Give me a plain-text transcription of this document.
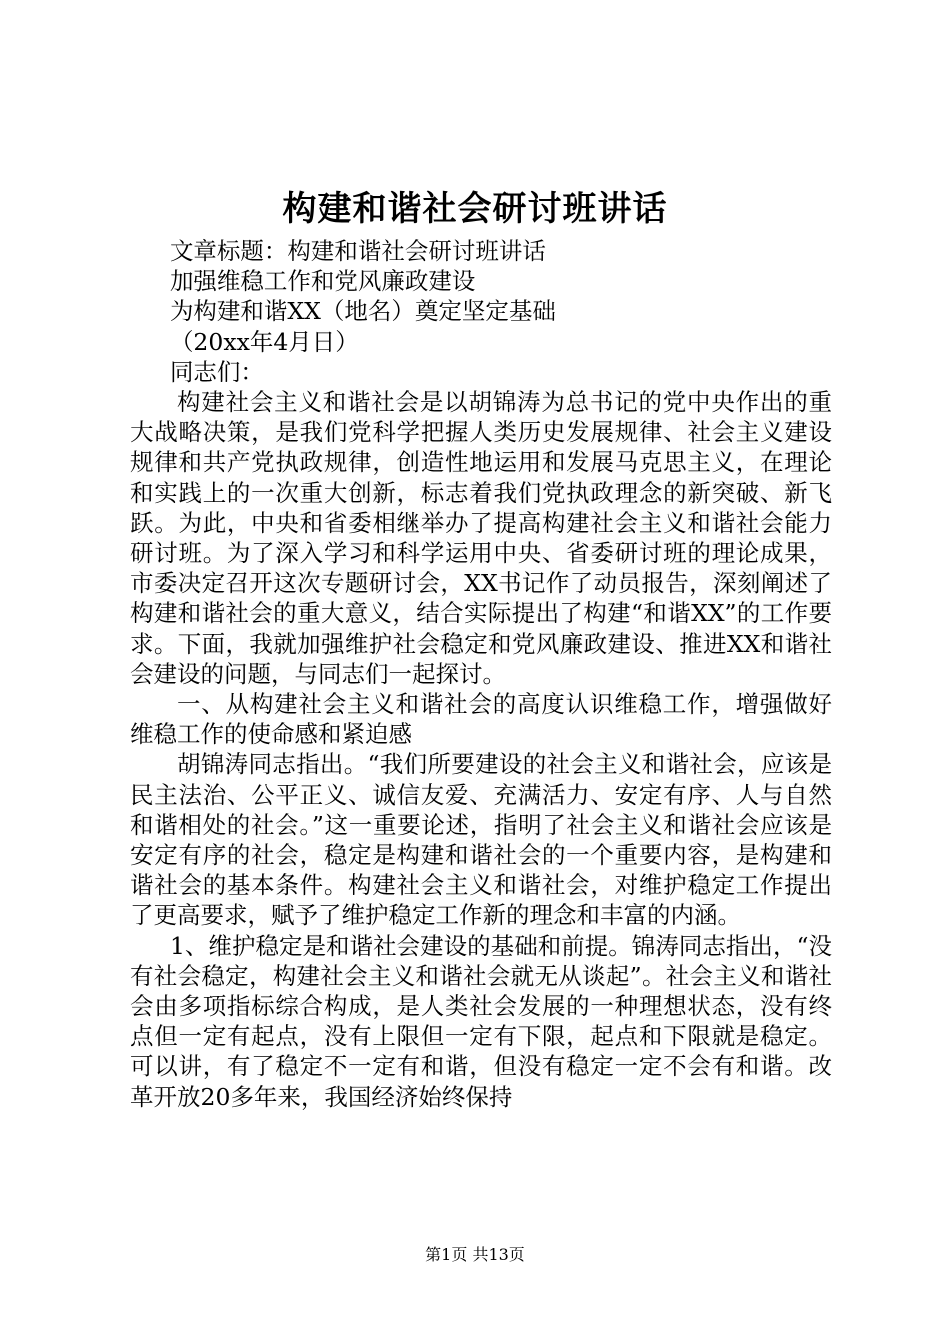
构建和谐社会研讨班讲话

文章标题：构建和谐社会研讨班讲话

加强维稳工作和党风廉政建设

为构建和谐XX（地名）奠定坚定基础

（20xx年4月日）

同志们：

构建社会主义和谐社会是以胡锦涛为总书记的党中央作出的重大战略决策，是我们党科学把握人类历史发展规律、社会主义建设规律和共产党执政规律，创造性地运用和发展马克思主义，在理论和实践上的一次重大创新，标志着我们党执政理念的新突破、新飞跃。为此，中央和省委相继举办了提高构建社会主义和谐社会能力研讨班。为了深入学习和科学运用中央、省委研讨班的理论成果，市委决定召开这次专题研讨会，XX书记作了动员报告，深刻阐述了构建和谐社会的重大意义，结合实际提出了构建“和谐XX”的工作要求。下面，我就加强维护社会稳定和党风廉政建设、推进XX和谐社会建设的问题，与同志们一起探讨。

一、从构建社会主义和谐社会的高度认识维稳工作，增强做好维稳工作的使命感和紧迫感

胡锦涛同志指出。“我们所要建设的社会主义和谐社会，应该是民主法治、公平正义、诚信友爱、充满活力、安定有序、人与自然和谐相处的社会。”这一重要论述，指明了社会主义和谐社会应该是安定有序的社会，稳定是构建和谐社会的一个重要内容，是构建和谐社会的基本条件。构建社会主义和谐社会，对维护稳定工作提出了更高要求，赋予了维护稳定工作新的理念和丰富的内涵。

1、维护稳定是和谐社会建设的基础和前提。锦涛同志指出，“没有社会稳定，构建社会主义和谐社会就无从谈起”。社会主义和谐社会由多项指标综合构成，是人类社会发展的一种理想状态，没有终点但一定有起点，没有上限但一定有下限，起点和下限就是稳定。可以讲，有了稳定不一定有和谐，但没有稳定一定不会有和谐。改革开放20多年来，我国经济始终保持

第1页 共13页
